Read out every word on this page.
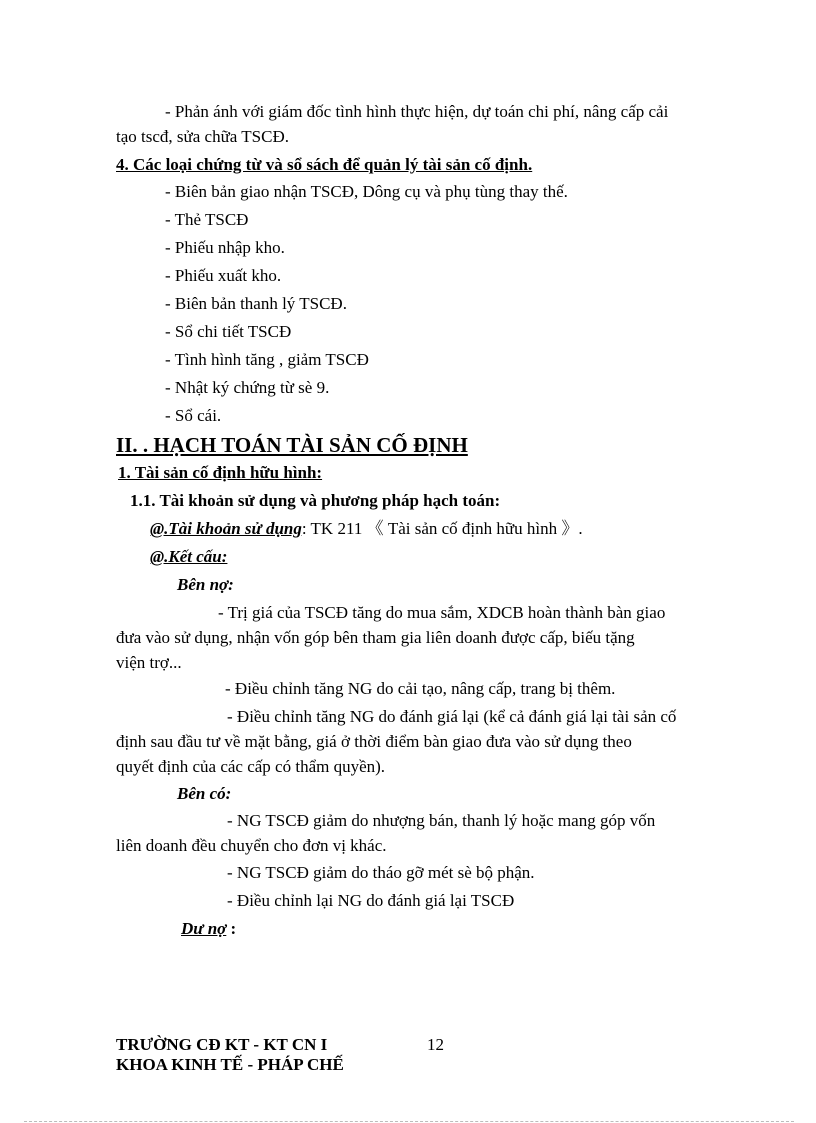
- Phản ánh với giám đốc tình hình thực hiện, dự toán chi phí, nâng cấp cải
tạo tscđ, sửa chữa TSCĐ.
4. Các loại chứng từ và sổ sách để quản lý tài sản cố định.
- Biên bản giao nhận TSCĐ, Dông cụ và phụ tùng thay thế.
- Thẻ TSCĐ
- Phiếu nhập kho.
- Phiếu xuất kho.
- Biên bản thanh lý TSCĐ.
- Sổ chi tiết TSCĐ
- Tình hình tăng , giảm TSCĐ
- Nhật ký chứng từ sè 9.
- Sổ cái.
II. . HẠCH TOÁN TÀI SẢN CỐ ĐỊNH
1. Tài sản cố định hữu hình:
1.1. Tài khoản sử dụng và phương pháp hạch toán:
@.Tài khoản sử dụng: TK 211 《 Tài sản cố định hữu hình 》.
@.Kết cấu:
Bên nợ:
- Trị giá của TSCĐ tăng do mua sắm, XDCB hoàn thành bàn giao
đưa vào sử dụng, nhận vốn góp bên tham gia liên doanh được cấp, biếu tặng
viện trợ...
- Điều chỉnh tăng NG do cải tạo, nâng cấp, trang bị thêm.
- Điều chỉnh tăng NG do đánh giá lại (kể cả đánh giá lại tài sản cố
định sau đầu tư về mặt bằng, giá ở thời điểm bàn giao đưa vào sử dụng theo
quyết định của các cấp có thẩm quyền).
Bên có:
- NG TSCĐ giảm do nhượng bán, thanh lý hoặc mang góp vốn
liên doanh đều chuyển cho đơn vị khác.
- NG TSCĐ giảm do tháo gỡ mét sè bộ phận.
- Điều chỉnh lại NG do đánh giá lại TSCĐ
Dư nợ :
TRƯỜNG CĐ KT - KT CN I	12
KHOA KINH TẾ - PHÁP CHẾ
